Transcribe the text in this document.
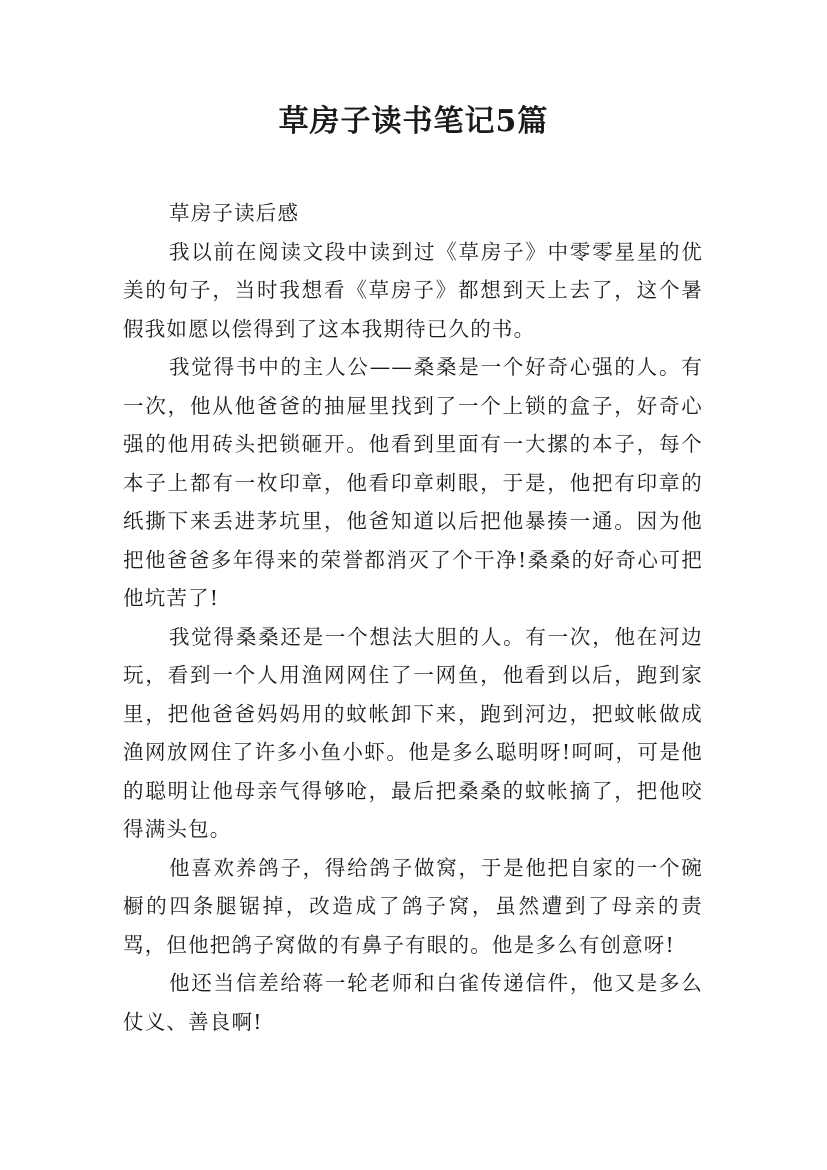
草房子读书笔记5篇

草房子读后感

我以前在阅读文段中读到过《草房子》中零零星星的优美的句子，当时我想看《草房子》都想到天上去了，这个暑假我如愿以偿得到了这本我期待已久的书。

我觉得书中的主人公——桑桑是一个好奇心强的人。有一次，他从他爸爸的抽屉里找到了一个上锁的盒子，好奇心强的他用砖头把锁砸开。他看到里面有一大摞的本子，每个本子上都有一枚印章，他看印章刺眼，于是，他把有印章的纸撕下来丢进茅坑里，他爸知道以后把他暴揍一通。因为他把他爸爸多年得来的荣誉都消灭了个干净!桑桑的好奇心可把他坑苦了!

我觉得桑桑还是一个想法大胆的人。有一次，他在河边玩，看到一个人用渔网网住了一网鱼，他看到以后，跑到家里，把他爸爸妈妈用的蚊帐卸下来，跑到河边，把蚊帐做成渔网放网住了许多小鱼小虾。他是多么聪明呀!呵呵，可是他的聪明让他母亲气得够呛，最后把桑桑的蚊帐摘了，把他咬得满头包。

他喜欢养鸽子，得给鸽子做窝，于是他把自家的一个碗橱的四条腿锯掉，改造成了鸽子窝，虽然遭到了母亲的责骂，但他把鸽子窝做的有鼻子有眼的。他是多么有创意呀!

他还当信差给蒋一轮老师和白雀传递信件，他又是多么仗义、善良啊!
